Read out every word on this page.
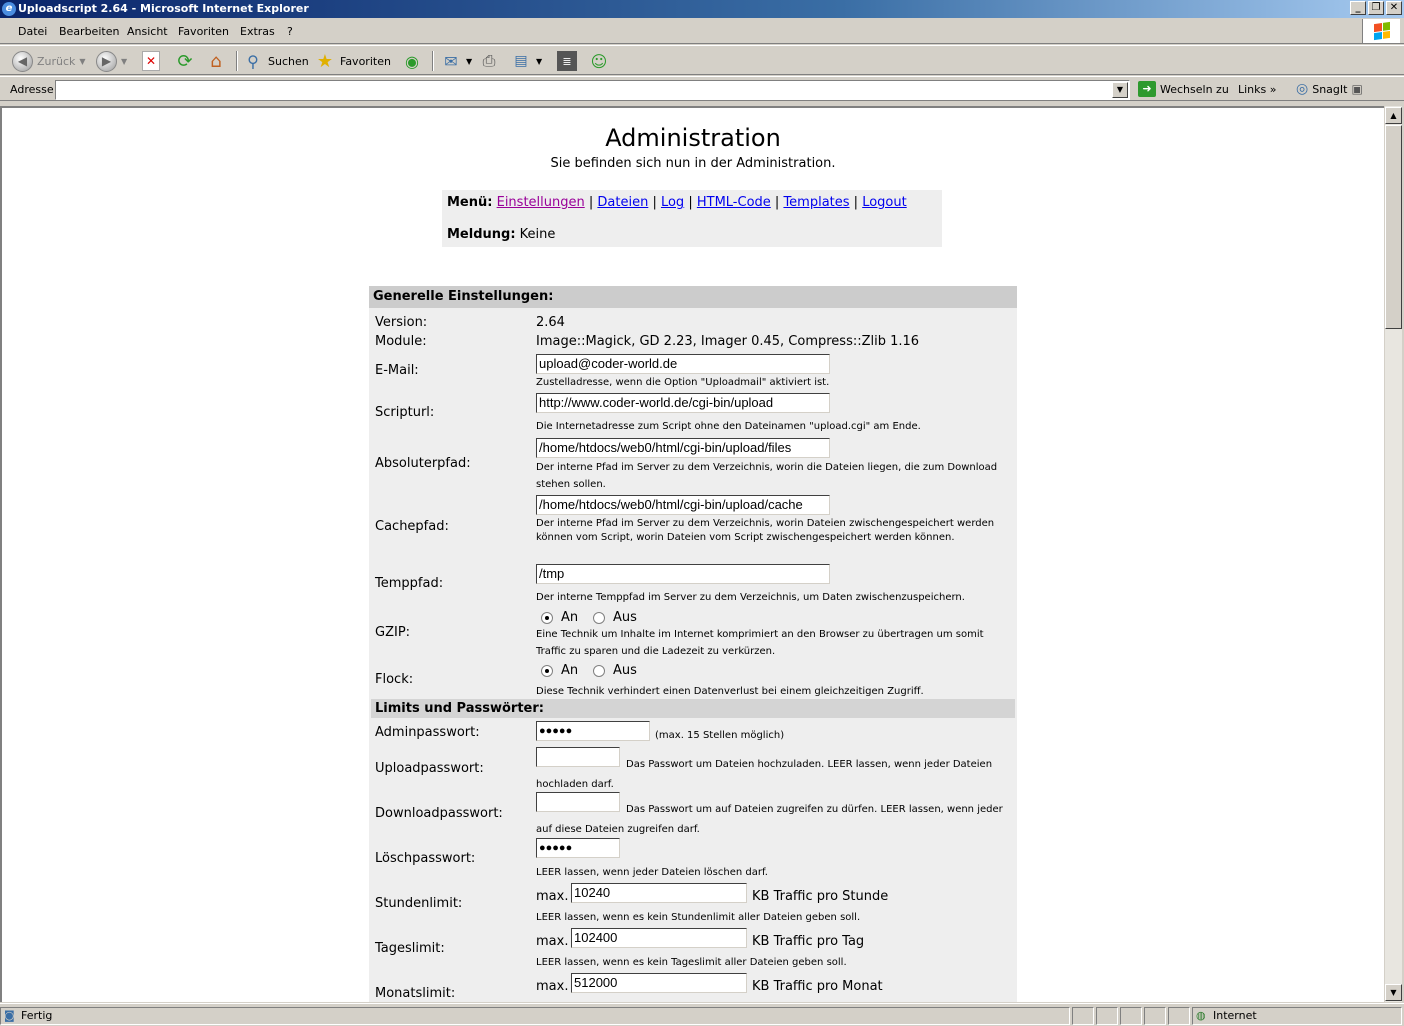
e Uploadscript 2.64 - Microsoft Internet Explorer	_	❐ ✕
Datei Bearbeiten Ansicht Favoriten Extras ?
◀ Zurück ▼	▶	▼	✕ ⟳ ⌂	⚲ Suchen ★ Favoriten ◉ ✉	▼ ⎙	▤	▼	≣	☺
Adresse	▼	➜ Wechseln zu Links » ◎ SnagIt ▣
Administration
Sie befinden sich nun in der Administration.
Menü: Einstellungen | Dateien | Log | HTML-Code | Templates | Logout
Meldung: Keine
Generelle Einstellungen:
Version:	2.64
Module:	Image::Magick, GD 2.23, Imager 0.45, Compress::Zlib 1.16
E-Mail:	upload@coder-world.de
Zustelladresse, wenn die Option "Uploadmail" aktiviert ist.
Scripturl:
http://www.coder-world.de/cgi-bin/upload
Die Internetadresse zum Script ohne den Dateinamen "upload.cgi" am Ende.
Absoluterpfad:
/home/htdocs/web0/html/cgi-bin/upload/files
Der interne Pfad im Server zu dem Verzeichnis, worin die Dateien liegen, die zum Download stehen sollen.
Cachepfad:
/home/htdocs/web0/html/cgi-bin/upload/cache
Der interne Pfad im Server zu dem Verzeichnis, worin Dateien zwischengespeichert werden können vom Script, worin Dateien vom Script zwischengespeichert werden können.
Temppfad:
/tmp
Der interne Temppfad im Server zu dem Verzeichnis, um Daten zwischenzuspeichern.
GZIP:
An	Aus
Eine Technik um Inhalte im Internet komprimiert an den Browser zu übertragen um somit Traffic zu sparen und die Ladezeit zu verkürzen.
Flock:
An	Aus
Diese Technik verhindert einen Datenverlust bei einem gleichzeitigen Zugriff.
Limits und Passwörter:
Adminpasswort:	●●●●●	(max. 15 Stellen möglich)
Uploadpasswort:	Das Passwort um Dateien hochzuladen. LEER lassen, wenn jeder Dateien hochladen darf.
Downloadpasswort:	Das Passwort um auf Dateien zugreifen zu dürfen. LEER lassen, wenn jeder auf diese Dateien zugreifen darf.
Löschpasswort:
●●●●●
LEER lassen, wenn jeder Dateien löschen darf.
Stundenlimit:	max. 10240	KB Traffic pro Stunde
LEER lassen, wenn es kein Stundenlimit aller Dateien geben soll.
Tageslimit:	max. 102400	KB Traffic pro Tag
LEER lassen, wenn es kein Tageslimit aller Dateien geben soll.
Monatslimit:	max. 512000	KB Traffic pro Monat
▲
▼
◙ Fertig	◍ Internet
